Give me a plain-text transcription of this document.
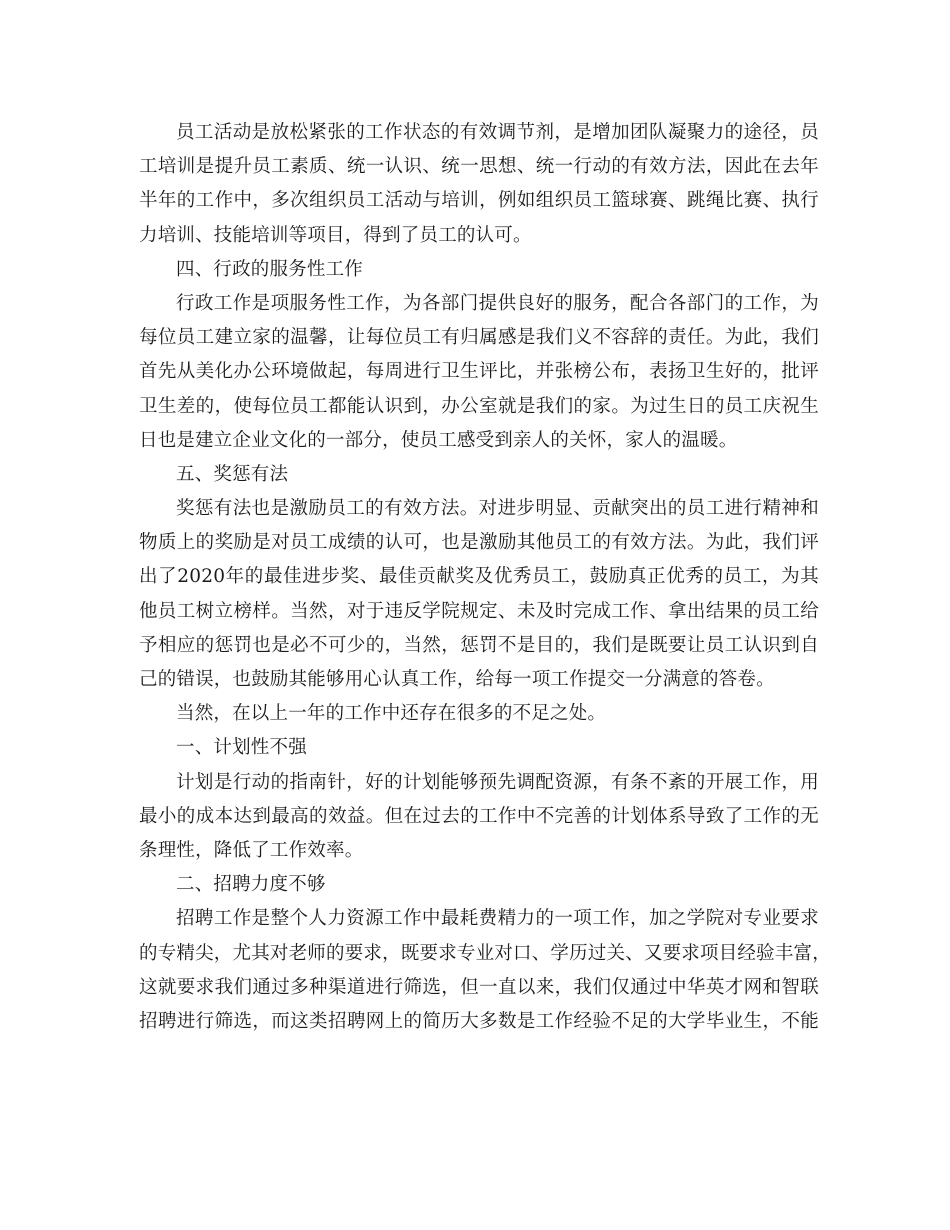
员工活动是放松紧张的工作状态的有效调节剂，是增加团队凝聚力的途径，员
工培训是提升员工素质、统一认识、统一思想、统一行动的有效方法，因此在去年
半年的工作中，多次组织员工活动与培训，例如组织员工篮球赛、跳绳比赛、执行
力培训、技能培训等项目，得到了员工的认可。
四、行政的服务性工作
行政工作是项服务性工作，为各部门提供良好的服务，配合各部门的工作，为
每位员工建立家的温馨，让每位员工有归属感是我们义不容辞的责任。为此，我们
首先从美化办公环境做起，每周进行卫生评比，并张榜公布，表扬卫生好的，批评
卫生差的，使每位员工都能认识到，办公室就是我们的家。为过生日的员工庆祝生
日也是建立企业文化的一部分，使员工感受到亲人的关怀，家人的温暖。
五、奖惩有法
奖惩有法也是激励员工的有效方法。对进步明显、贡献突出的员工进行精神和
物质上的奖励是对员工成绩的认可，也是激励其他员工的有效方法。为此，我们评
出了2020年的最佳进步奖、最佳贡献奖及优秀员工，鼓励真正优秀的员工，为其
他员工树立榜样。当然，对于违反学院规定、未及时完成工作、拿出结果的员工给
予相应的惩罚也是必不可少的，当然，惩罚不是目的，我们是既要让员工认识到自
己的错误，也鼓励其能够用心认真工作，给每一项工作提交一分满意的答卷。
当然，在以上一年的工作中还存在很多的不足之处。
一、计划性不强
计划是行动的指南针，好的计划能够预先调配资源，有条不紊的开展工作，用
最小的成本达到最高的效益。但在过去的工作中不完善的计划体系导致了工作的无
条理性，降低了工作效率。
二、招聘力度不够
招聘工作是整个人力资源工作中最耗费精力的一项工作，加之学院对专业要求
的专精尖，尤其对老师的要求，既要求专业对口、学历过关、又要求项目经验丰富，
这就要求我们通过多种渠道进行筛选，但一直以来，我们仅通过中华英才网和智联
招聘进行筛选，而这类招聘网上的简历大多数是工作经验不足的大学毕业生，不能
